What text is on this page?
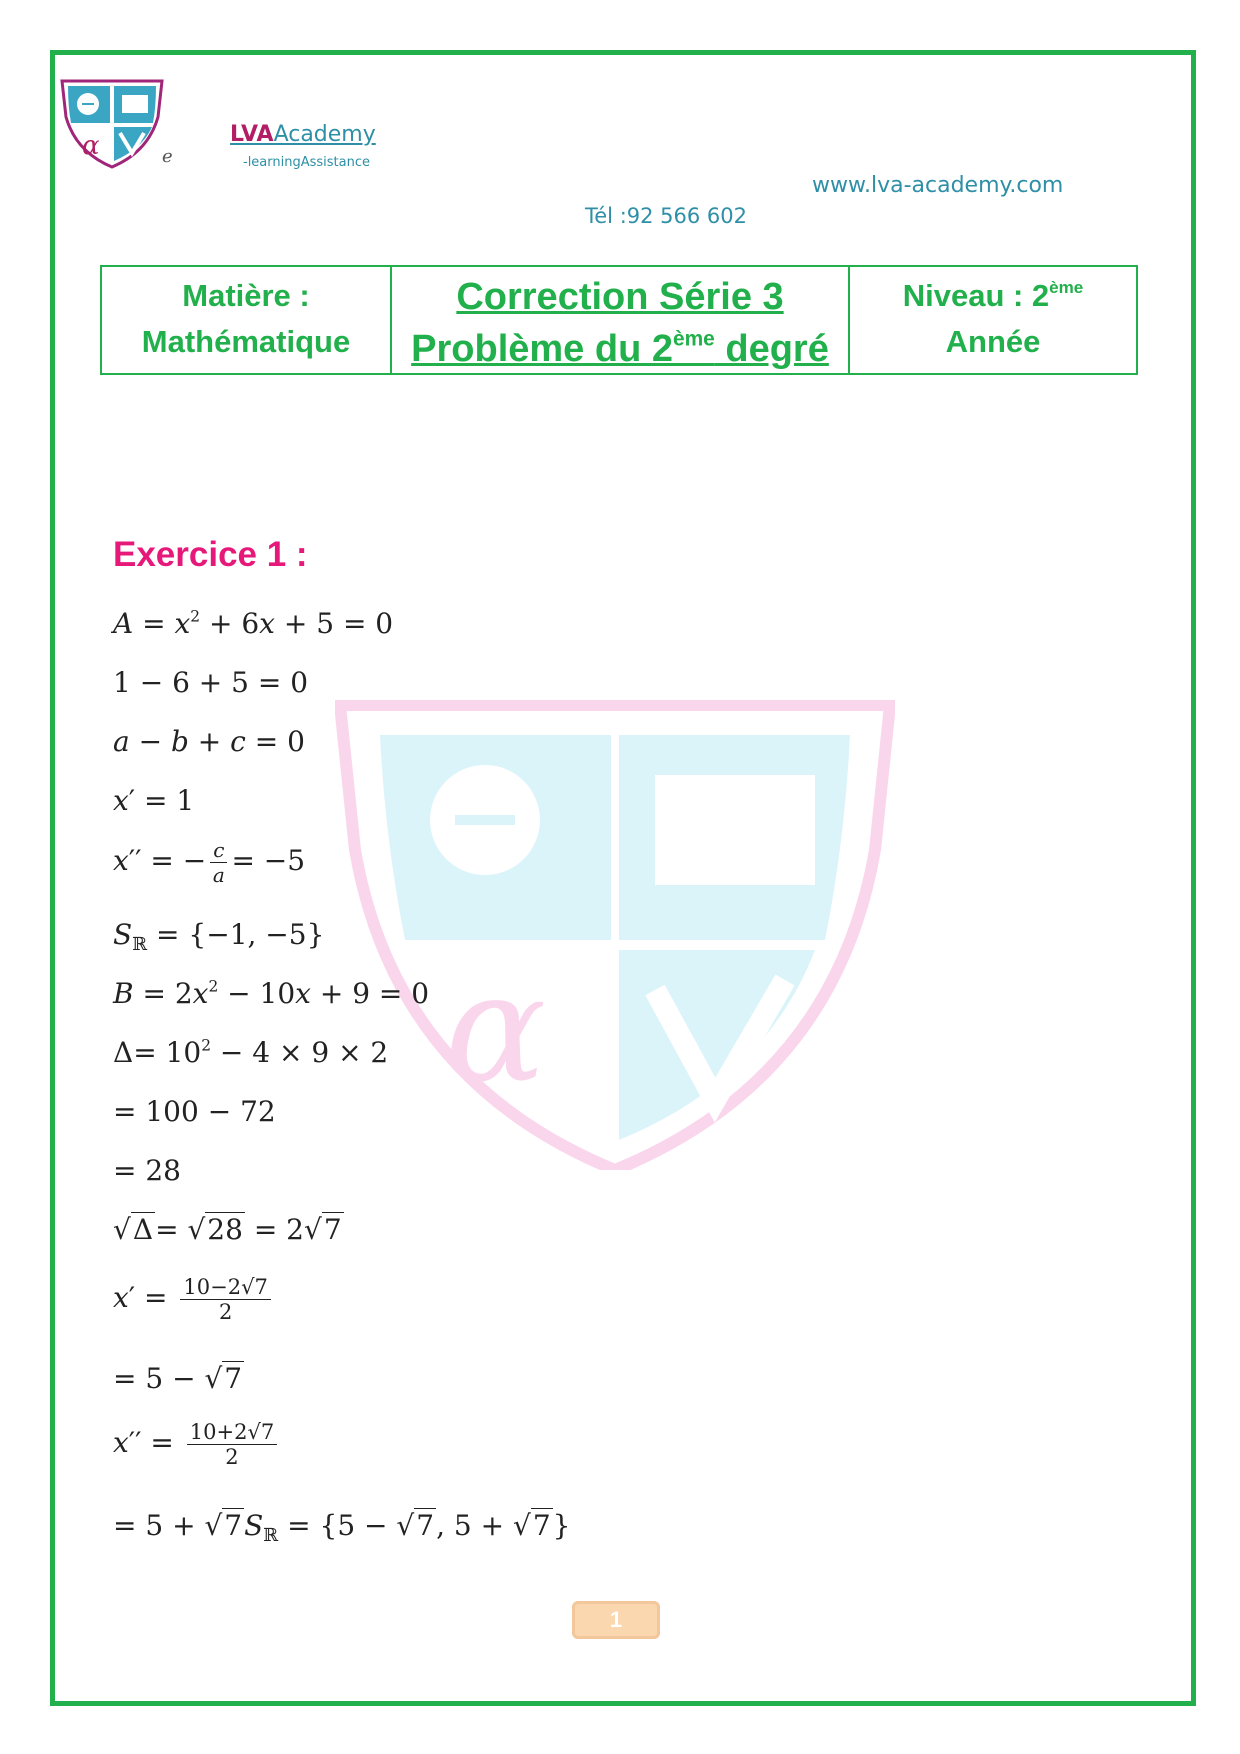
α	e
LVAAcademy
-learningAssistance
www.lva-academy.com
Tél :92 566 602
Matière :
Mathématique
Correction Série 3
Problème du 2ème degré
Niveau : 2ème
Année
α
Exercice 1 :
$A = x^2 + 6x + 5 = 0$
1 − 6 + 5 = 0
a − b + c = 0
x′ = 1
x′′ = − $\frac{c}{a} = -5$
$S_ℝ = \{-1$, −5}
$B = 2x^2 - 10x + 9 = 0$
$\Delta= 10^2 - 4 \times 9 \times 2$
= 100 − 72
= 28
√Δ= √28 = 2√7
$x' = \frac{10-2√7}{2}$
= 5 − √7
$x'' = \frac{10+2√7}{2}$
= $5 + √7S_ℝ = \{5 - √7$, 5 + √7}
1
